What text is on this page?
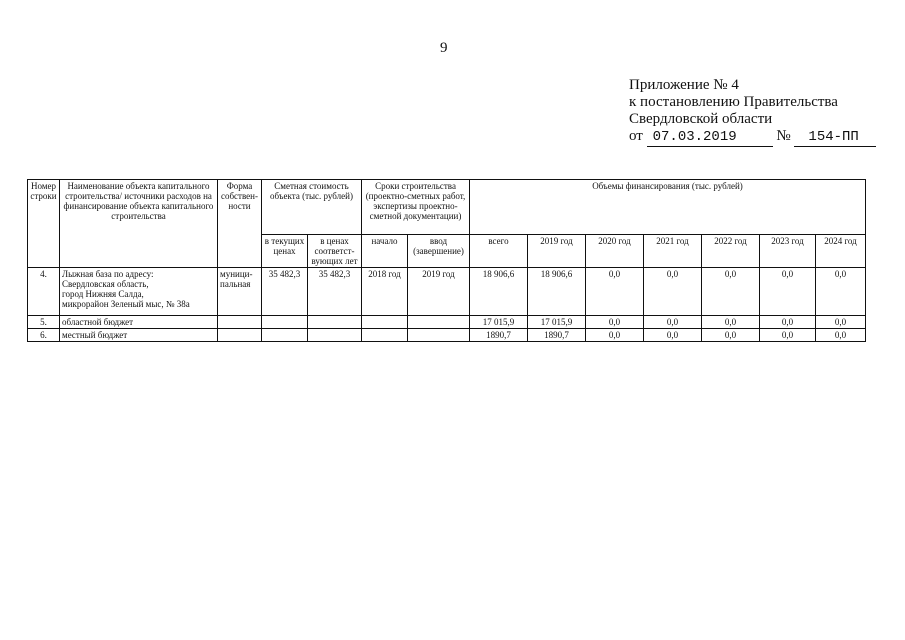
9
Приложение № 4
к постановлению Правительства
Свердловской области
от 07.03.2019	№ 154-ПП
Номер строки	Наименование объекта капитального строительства/ источники расходов на финансирование объекта капитального строительства	Форма собствен-ности	Сметная стоимость объекта (тыс. рублей)		Сроки строительства (проектно-сметных работ, экспертизы проектно-сметной документации)		Объемы финансирования (тыс. рублей)						
			в текущих ценах	в ценах соответст-вующих лет	начало	ввод (завершение)	всего	2019 год	2020 год	2021 год	2022 год	2023 год	2024 год
4.	Лыжная база по адресу:
Свердловская область,
город Нижняя Салда,
микрорайон Зеленый мыс, № 38а	муници-пальная	35 482,3	35 482,3	2018 год	2019 год	18 906,6	18 906,6	0,0	0,0	0,0	0,0	0,0
5.	областной бюджет						17 015,9	17 015,9	0,0	0,0	0,0	0,0	0,0
6.	местный бюджет						1890,7	1890,7	0,0	0,0	0,0	0,0	0,0
